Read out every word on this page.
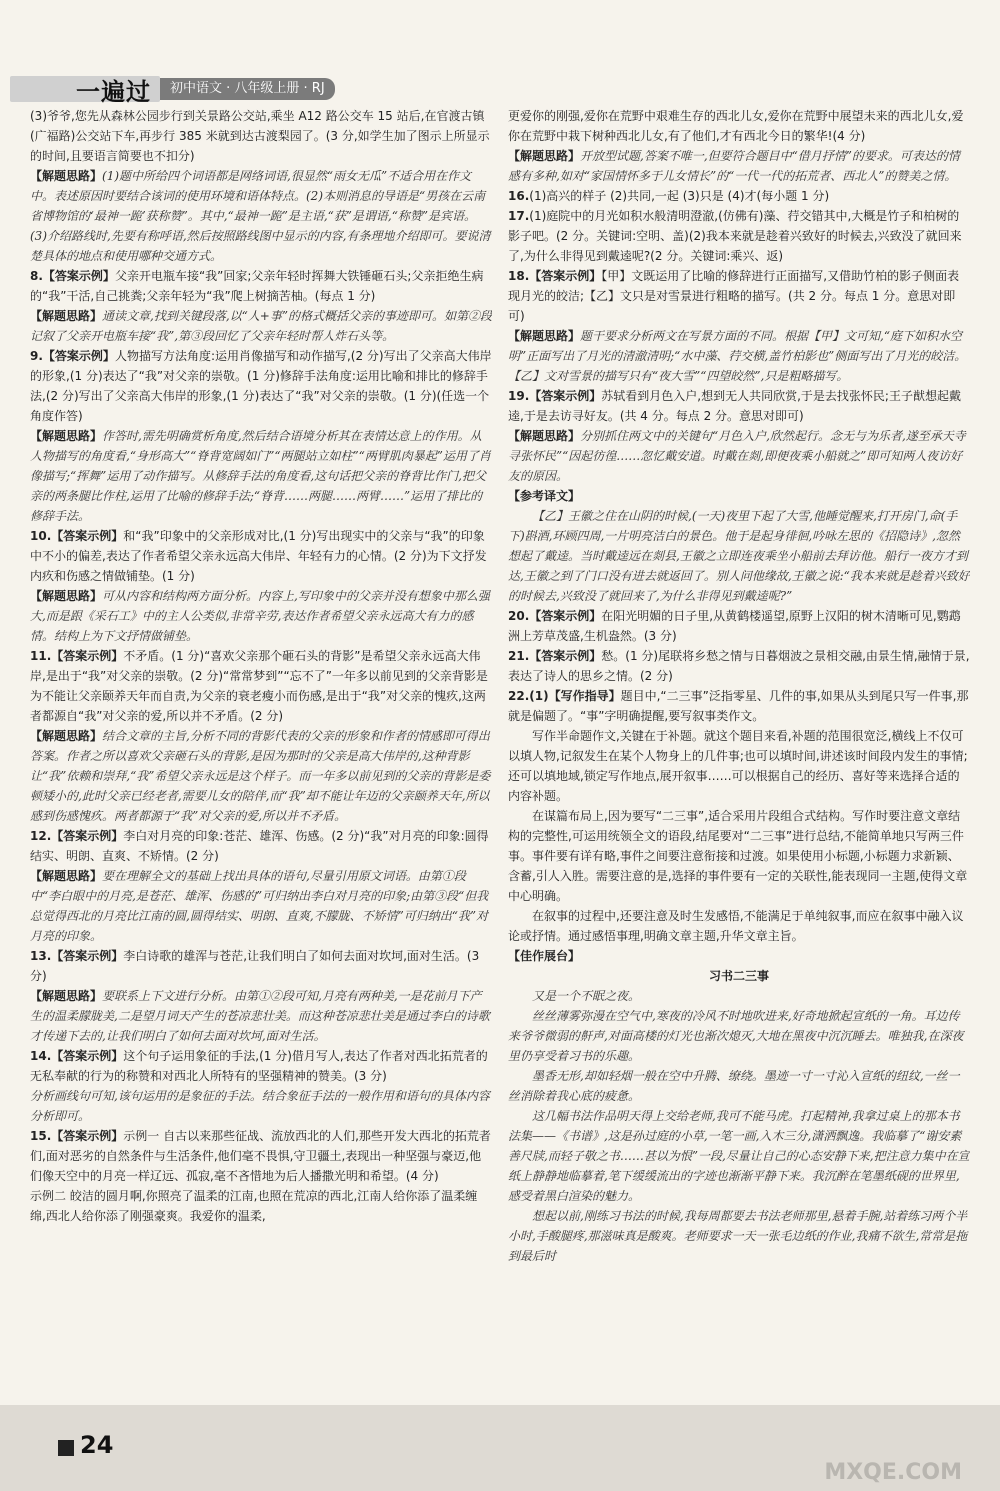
一遍过	初中语文 · 八年级上册 · RJ

(3)爷爷,您先从森林公园步行到关景路公交站,乘坐 A12 路公交车 15 站后,在官渡古镇(广福路)公交站下车,再步行 385 米就到达古渡梨园了。(3 分,如学生加了图示上所显示的时间,且要语言简要也不扣分)

【解题思路】(1)题中所给四个词语都是网络词语,很显然“雨女无瓜”不适合用在作文中。表述原因时要结合该词的使用环境和语体特点。(2)本则消息的导语是“男孩在云南省博物馆的‘最神一跪’获称赞”。其中,“最神一跪”是主语,“获”是谓语,“称赞”是宾语。(3)介绍路线时,先要有称呼语,然后按照路线图中显示的内容,有条理地介绍即可。要说清楚具体的地点和使用哪种交通方式。

8.【答案示例】父亲开电瓶车接“我”回家;父亲年轻时挥舞大铁锤砸石头;父亲拒绝生病的“我”干活,自己挑粪;父亲年轻为“我”爬上树摘苦柚。(每点 1 分)

【解题思路】通读文章,找到关键段落,以“人+事”的格式概括父亲的事迹即可。如第②段记叙了父亲开电瓶车接“我”,第③段回忆了父亲年轻时帮人炸石头等。

9.【答案示例】人物描写方法角度:运用肖像描写和动作描写,(2 分)写出了父亲高大伟岸的形象,(1 分)表达了“我”对父亲的崇敬。(1 分)修辞手法角度:运用比喻和排比的修辞手法,(2 分)写出了父亲高大伟岸的形象,(1 分)表达了“我”对父亲的崇敬。(1 分)(任选一个角度作答)

【解题思路】作答时,需先明确赏析角度,然后结合语境分析其在表情达意上的作用。从人物描写的角度看,“身形高大”“脊背宽阔如门”“两腿站立如柱”“两臂肌肉暴起”运用了肖像描写;“挥舞”运用了动作描写。从修辞手法的角度看,这句话把父亲的脊背比作门,把父亲的两条腿比作柱,运用了比喻的修辞手法;“脊背……两腿……两臂……”运用了排比的修辞手法。

10.【答案示例】和“我”印象中的父亲形成对比,(1 分)写出现实中的父亲与“我”的印象中不小的偏差,表达了作者希望父亲永远高大伟岸、年轻有力的心情。(2 分)为下文抒发内疚和伤感之情做铺垫。(1 分)

【解题思路】可从内容和结构两方面分析。内容上,写印象中的父亲并没有想象中那么强大,而是跟《采石工》中的主人公类似,非常辛劳,表达作者希望父亲永远高大有力的感情。结构上为下文抒情做铺垫。

11.【答案示例】不矛盾。(1 分)“喜欢父亲那个砸石头的背影”是希望父亲永远高大伟岸,是出于“我”对父亲的崇敬。(2 分)“常常梦到”“忘不了”一年多以前见到的父亲背影是为不能让父亲颐养天年而自责,为父亲的衰老瘦小而伤感,是出于“我”对父亲的愧疚,这两者都源自“我”对父亲的爱,所以并不矛盾。(2 分)

【解题思路】结合文章的主旨,分析不同的背影代表的父亲的形象和作者的情感即可得出答案。作者之所以喜欢父亲砸石头的背影,是因为那时的父亲是高大伟岸的,这种背影让“我”依赖和崇拜,“我”希望父亲永远是这个样子。而一年多以前见到的父亲的背影是委顿矮小的,此时父亲已经老者,需要儿女的陪伴,而“我”却不能让年迈的父亲颐养天年,所以感到伤感愧疚。两者都源于“我”对父亲的爱,所以并不矛盾。

12.【答案示例】李白对月亮的印象:苍茫、雄浑、伤感。(2 分)“我”对月亮的印象:圆得结实、明朗、直爽、不矫情。(2 分)

【解题思路】要在理解全文的基础上找出具体的语句,尽量引用原文词语。由第①段中“李白眼中的月亮,是苍茫、雄浑、伤感的”可归纳出李白对月亮的印象;由第③段“但我总觉得西北的月亮比江南的圆,圆得结实、明朗、直爽,不朦胧、不矫情”可归纳出“我”对月亮的印象。

13.【答案示例】李白诗歌的雄浑与苍茫,让我们明白了如何去面对坎坷,面对生活。(3 分)

【解题思路】要联系上下文进行分析。由第①②段可知,月亮有两种美,一是花前月下产生的温柔朦胧美,二是望月词天产生的苍凉悲壮美。而这种苍凉悲壮美是通过李白的诗歌才传递下去的,让我们明白了如何去面对坎坷,面对生活。

14.【答案示例】这个句子运用象征的手法,(1 分)借月写人,表达了作者对西北拓荒者的无私奉献的行为的称赞和对西北人所特有的坚强精神的赞美。(3 分)

分析画线句可知,该句运用的是象征的手法。结合象征手法的一般作用和语句的具体内容分析即可。

15.【答案示例】示例一 自古以来那些征战、流放西北的人们,那些开发大西北的拓荒者们,面对恶劣的自然条件与生活条件,他们毫不畏惧,守卫疆土,表现出一种坚强与豪迈,他们像天空中的月亮一样辽远、孤寂,毫不吝惜地为后人播撒光明和希望。(4 分)

示例二 皎洁的圆月啊,你照亮了温柔的江南,也照在荒凉的西北,江南人给你添了温柔缠绵,西北人给你添了刚强豪爽。我爱你的温柔,

更爱你的刚强,爱你在荒野中艰难生存的西北儿女,爱你在荒野中展望未来的西北儿女,爱你在荒野中栽下树种西北儿女,有了他们,才有西北今日的繁华!(4 分)

【解题思路】开放型试题,答案不唯一,但要符合题目中“借月抒情”的要求。可表达的情感有多种,如对“家国情怀多于儿女情长”的“一代一代的拓荒者、西北人”的赞美之情。

16.(1)高兴的样子 (2)共同,一起 (3)只是 (4)才(每小题 1 分)

17.(1)庭院中的月光如积水般清明澄澈,(仿佛有)藻、荇交错其中,大概是竹子和柏树的影子吧。(2 分。关键词:空明、盖)(2)我本来就是趁着兴致好的时候去,兴致没了就回来了,为什么非得见到戴逵呢?(2 分。关键词:乘兴、返)

18.【答案示例】【甲】文既运用了比喻的修辞进行正面描写,又借助竹柏的影子侧面表现月光的皎洁;【乙】文只是对雪景进行粗略的描写。(共 2 分。每点 1 分。意思对即可)

【解题思路】题干要求分析两文在写景方面的不同。根据【甲】文可知,“庭下如积水空明”正面写出了月光的清澈清明;“水中藻、荇交横,盖竹柏影也”侧面写出了月光的皎洁。【乙】文对雪景的描写只有“夜大雪”“四望皎然”,只是粗略描写。

19.【答案示例】苏轼看到月色入户,想到无人共同欣赏,于是去找张怀民;王子猷想起戴逵,于是去访寻好友。(共 4 分。每点 2 分。意思对即可)

【解题思路】分别抓住两文中的关键句“月色入户,欣然起行。念无与为乐者,遂至承天寺寻张怀民”“因起彷徨……忽忆戴安道。时戴在剡,即便夜乘小船就之”即可知两人夜访好友的原因。

【参考译文】

【乙】王徽之住在山阴的时候,(一天)夜里下起了大雪,他睡觉醒来,打开房门,命(手下)斟酒,环顾四周,一片明亮洁白的景色。他于是起身徘徊,吟咏左思的《招隐诗》,忽然想起了戴逵。当时戴逵远在剡县,王徽之立即连夜乘坐小船前去拜访他。船行一夜方才到达,王徽之到了门口没有进去就返回了。别人问他缘故,王徽之说:“我本来就是趁着兴致好的时候去,兴致没了就回来了,为什么非得见到戴逵呢?”

20.【答案示例】在阳光明媚的日子里,从黄鹤楼遥望,原野上汉阳的树木清晰可见,鹦鹉洲上芳草茂盛,生机盎然。(3 分)

21.【答案示例】愁。(1 分)尾联将乡愁之情与日暮烟波之景相交融,由景生情,融情于景,表达了诗人的思乡之情。(2 分)

22.(1)【写作指导】题目中,“二三事”泛指零星、几件的事,如果从头到尾只写一件事,那就是偏题了。“事”字明确提醒,要写叙事类作文。

写作半命题作文,关键在于补题。就这个题目来看,补题的范围很宽泛,横线上不仅可以填人物,记叙发生在某个人物身上的几件事;也可以填时间,讲述该时间段内发生的事情;还可以填地域,锁定写作地点,展开叙事……可以根据自己的经历、喜好等来选择合适的内容补题。

在谋篇布局上,因为要写“二三事”,适合采用片段组合式结构。写作时要注意文章结构的完整性,可运用统领全文的语段,结尾要对“二三事”进行总结,不能简单地只写两三件事。事件要有详有略,事件之间要注意衔接和过渡。如果使用小标题,小标题力求新颖、含蓄,引人入胜。需要注意的是,选择的事件要有一定的关联性,能表现同一主题,使得文章中心明确。

在叙事的过程中,还要注意及时生发感悟,不能满足于单纯叙事,而应在叙事中融入议论或抒情。通过感悟事理,明确文章主题,升华文章主旨。

【佳作展台】

习书二三事

又是一个不眠之夜。

丝丝薄雾弥漫在空气中,寒夜的冷风不时地吹进来,好奇地掀起宣纸的一角。耳边传来爷爷微弱的鼾声,对面高楼的灯光也渐次熄灭,大地在黑夜中沉沉睡去。唯独我,在深夜里仍享受着习书的乐趣。

墨香无形,却如轻烟一般在空中升腾、缭绕。墨迹一寸一寸沁入宣纸的纽纹,一丝一丝消除着我心底的疲惫。

这几幅书法作品明天得上交给老师,我可不能马虎。打起精神,我拿过桌上的那本书法集——《书谱》,这是孙过庭的小草,一笔一画,入木三分,潇洒飘逸。我临摹了“谢安素善尺牍,而轻子敬之书……甚以为恨”一段,尽量让自己的心态安静下来,把注意力集中在宣纸上静静地临摹着,笔下缓缓流出的字迹也渐渐平静下来。我沉醉在笔墨纸砚的世界里,感受着黑白渲染的魅力。

想起以前,刚练习书法的时候,我每周都要去书法老师那里,悬着手腕,站着练习两个半小时,手酸腿疼,那滋味真是酸爽。老师要求一天一张毛边纸的作业,我痛不欲生,常常是拖到最后时

24
MXQE.COM
